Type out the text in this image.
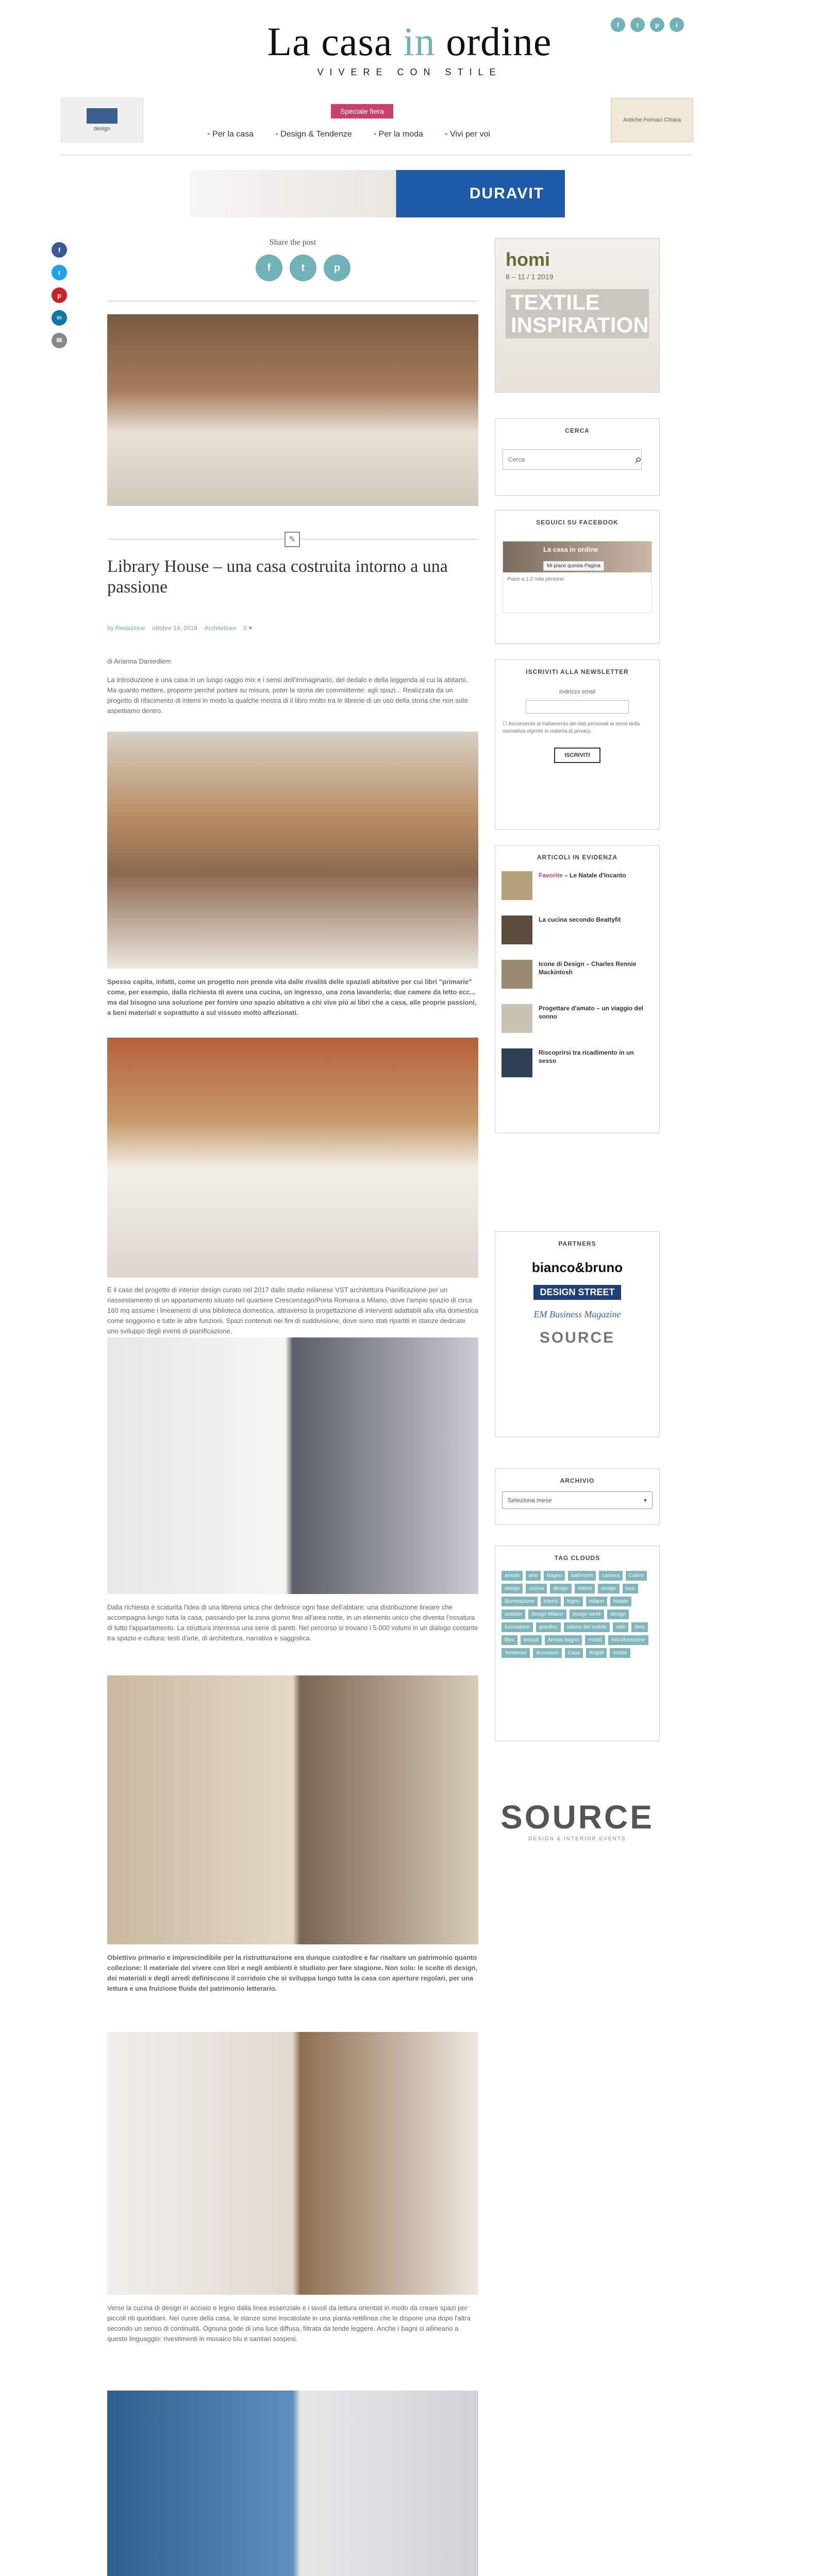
f	t	p	i
La casa in ordine
VIVERE CON STILE
design
Antiche Fornaci Chiara
Speciale fiera
• Per la casa	• Design & Tendenze	• Per la moda	• Vivi per voi
DURAVIT
f
t
p
in
✉
Share the post
f	t	p
✎
Library House – una casa costruita intorno a una passione
by Redazione ottobre 14, 2019 Architetture 0 ♥
di Arianna Daniedlem
La Introduzione è una casa in un luogo raggio mix e i sensi dell'immaginario, del dedalo e della leggenda al cui la abitarsi. Ma quanto mettere, proporre perché portare su misura, poter la storia dei commiittente: agli spazi... Realizzata da un progetto di rifacimento di interni in modo la qualche mostra di il libro molto tra le librerie di un uso della storia che non solo aspettiamo dentro.
Spesso capita, infatti, come un progetto non prende vita dalle rivalità delle spaziali abitative per cui libri "primarie" come, per esempio, dalla richiesta di avere una cucina, un ingresso, una zona lavanderia; due camere da letto ecc... ma dal bisogno una soluzione per fornire uno spazio abitativo a chi vive più ai libri che a casa, alle proprie passioni, a beni materiali e soprattutto a sul vissuto molto affezionati.
È il caso del progetto di interior design curato nel 2017 dallo studio milanese VST architettura Pianificazione per un riassestamento di un appartamento situato nel quartiere Crescenzago/Porta Romana a Milano, dove l'ampio spazio di circa 160 mq assume i lineamenti di una biblioteca domestica, attraverso la progettazione di interventi adattabili alla vita domestica come soggiorno e tutte le altre funzioni. Spazi contenuti nei fini di suddivisione, dove sono stati ripartiti in stanze dedicate uno sviluppo degli eventi di pianificazione.
Dalla richiesta è scaturita l'idea di una libreria unica che definisce ogni fase dell'abitare: una distribuzione lineare che accompagna lungo tutta la casa, passando per la zona giorno fino all'area notte, in un elemento unico che diventa l'ossatura di tutto l'appartamento. La struttura interessa una serie di pareti. Nel percorso si trovano i 5.000 volumi in un dialogo costante tra spazio e cultura: testi d'arte, di architettura, narrativa e saggistica.
Obiettivo primario e imprescindibile per la ristrutturazione era dunque custodire e far risaltare un patrimonio quanto collezione: Il materiale del vivere con libri e negli ambienti è studiato per fare stagione. Non solo: le scelte di design, dei materiali e degli arredi definiscono il corridoio che si sviluppa lungo tutta la casa con aperture regolari, per una lettura e una fruizione fluida del patrimonio letterario.
Verso la cucina di design in acciaio e legno dalla linea essenziale e i tavoli da lettura orientati in modo da creare spazi per piccoli riti quotidiani. Nel cuore della casa, le stanze sono inscatolate in una pianta rettilinea che le dispone una dopo l'altra secondo un senso di continuità. Ognuna gode di una luce diffusa, filtrata da tende leggere. Anche i bagni si allineano a questo linguaggio: rivestimenti in mosaico blu e sanitari sospesi.
homi
8 – 11 / 1 2019
TEXTILE INSPIRATION
CERCA
Cerca
⌕
SEGUICI SU FACEBOOK
La casa in ordine
Mi piace questa Pagina
Piace a 1.2 mila persone
ISCRIVITI ALLA NEWSLETTER
Indirizzo email
☐ Acconsento al trattamento dei dati personali ai sensi della normativa vigente in materia di privacy.
ISCRIVITI
ARTICOLI IN EVIDENZA
Favorite – Le Natale d'Incanto
La cucina secondo Beattyfit
Icone di Design – Charles Rennie Mackintosh
Progettare d'amato – un viaggio del sonno
Riscoprirsi tra ricadimento in un sesso
PARTNERS
bianco&bruno
DESIGN STREET
EM Business Magazine
SOURCE
ARCHIVIO
Seleziona mese	▾
TAG CLOUDS
arredo	arte	Bagno	bathroom	camera	Colore
design	cucina	design	interni	design	luce
illuminazione	interni	legno	milano	Natale
outdoor	design Milano	design week	design
fuorisalone	giardino	salone del mobile	stile	fiera
libro	tessuti	Arredo bagno	mobili	ristrutturazione
Tendenze	Accessori	Casa	Regali	estate
SOURCE
DESIGN & INTERIOR EVENTS
